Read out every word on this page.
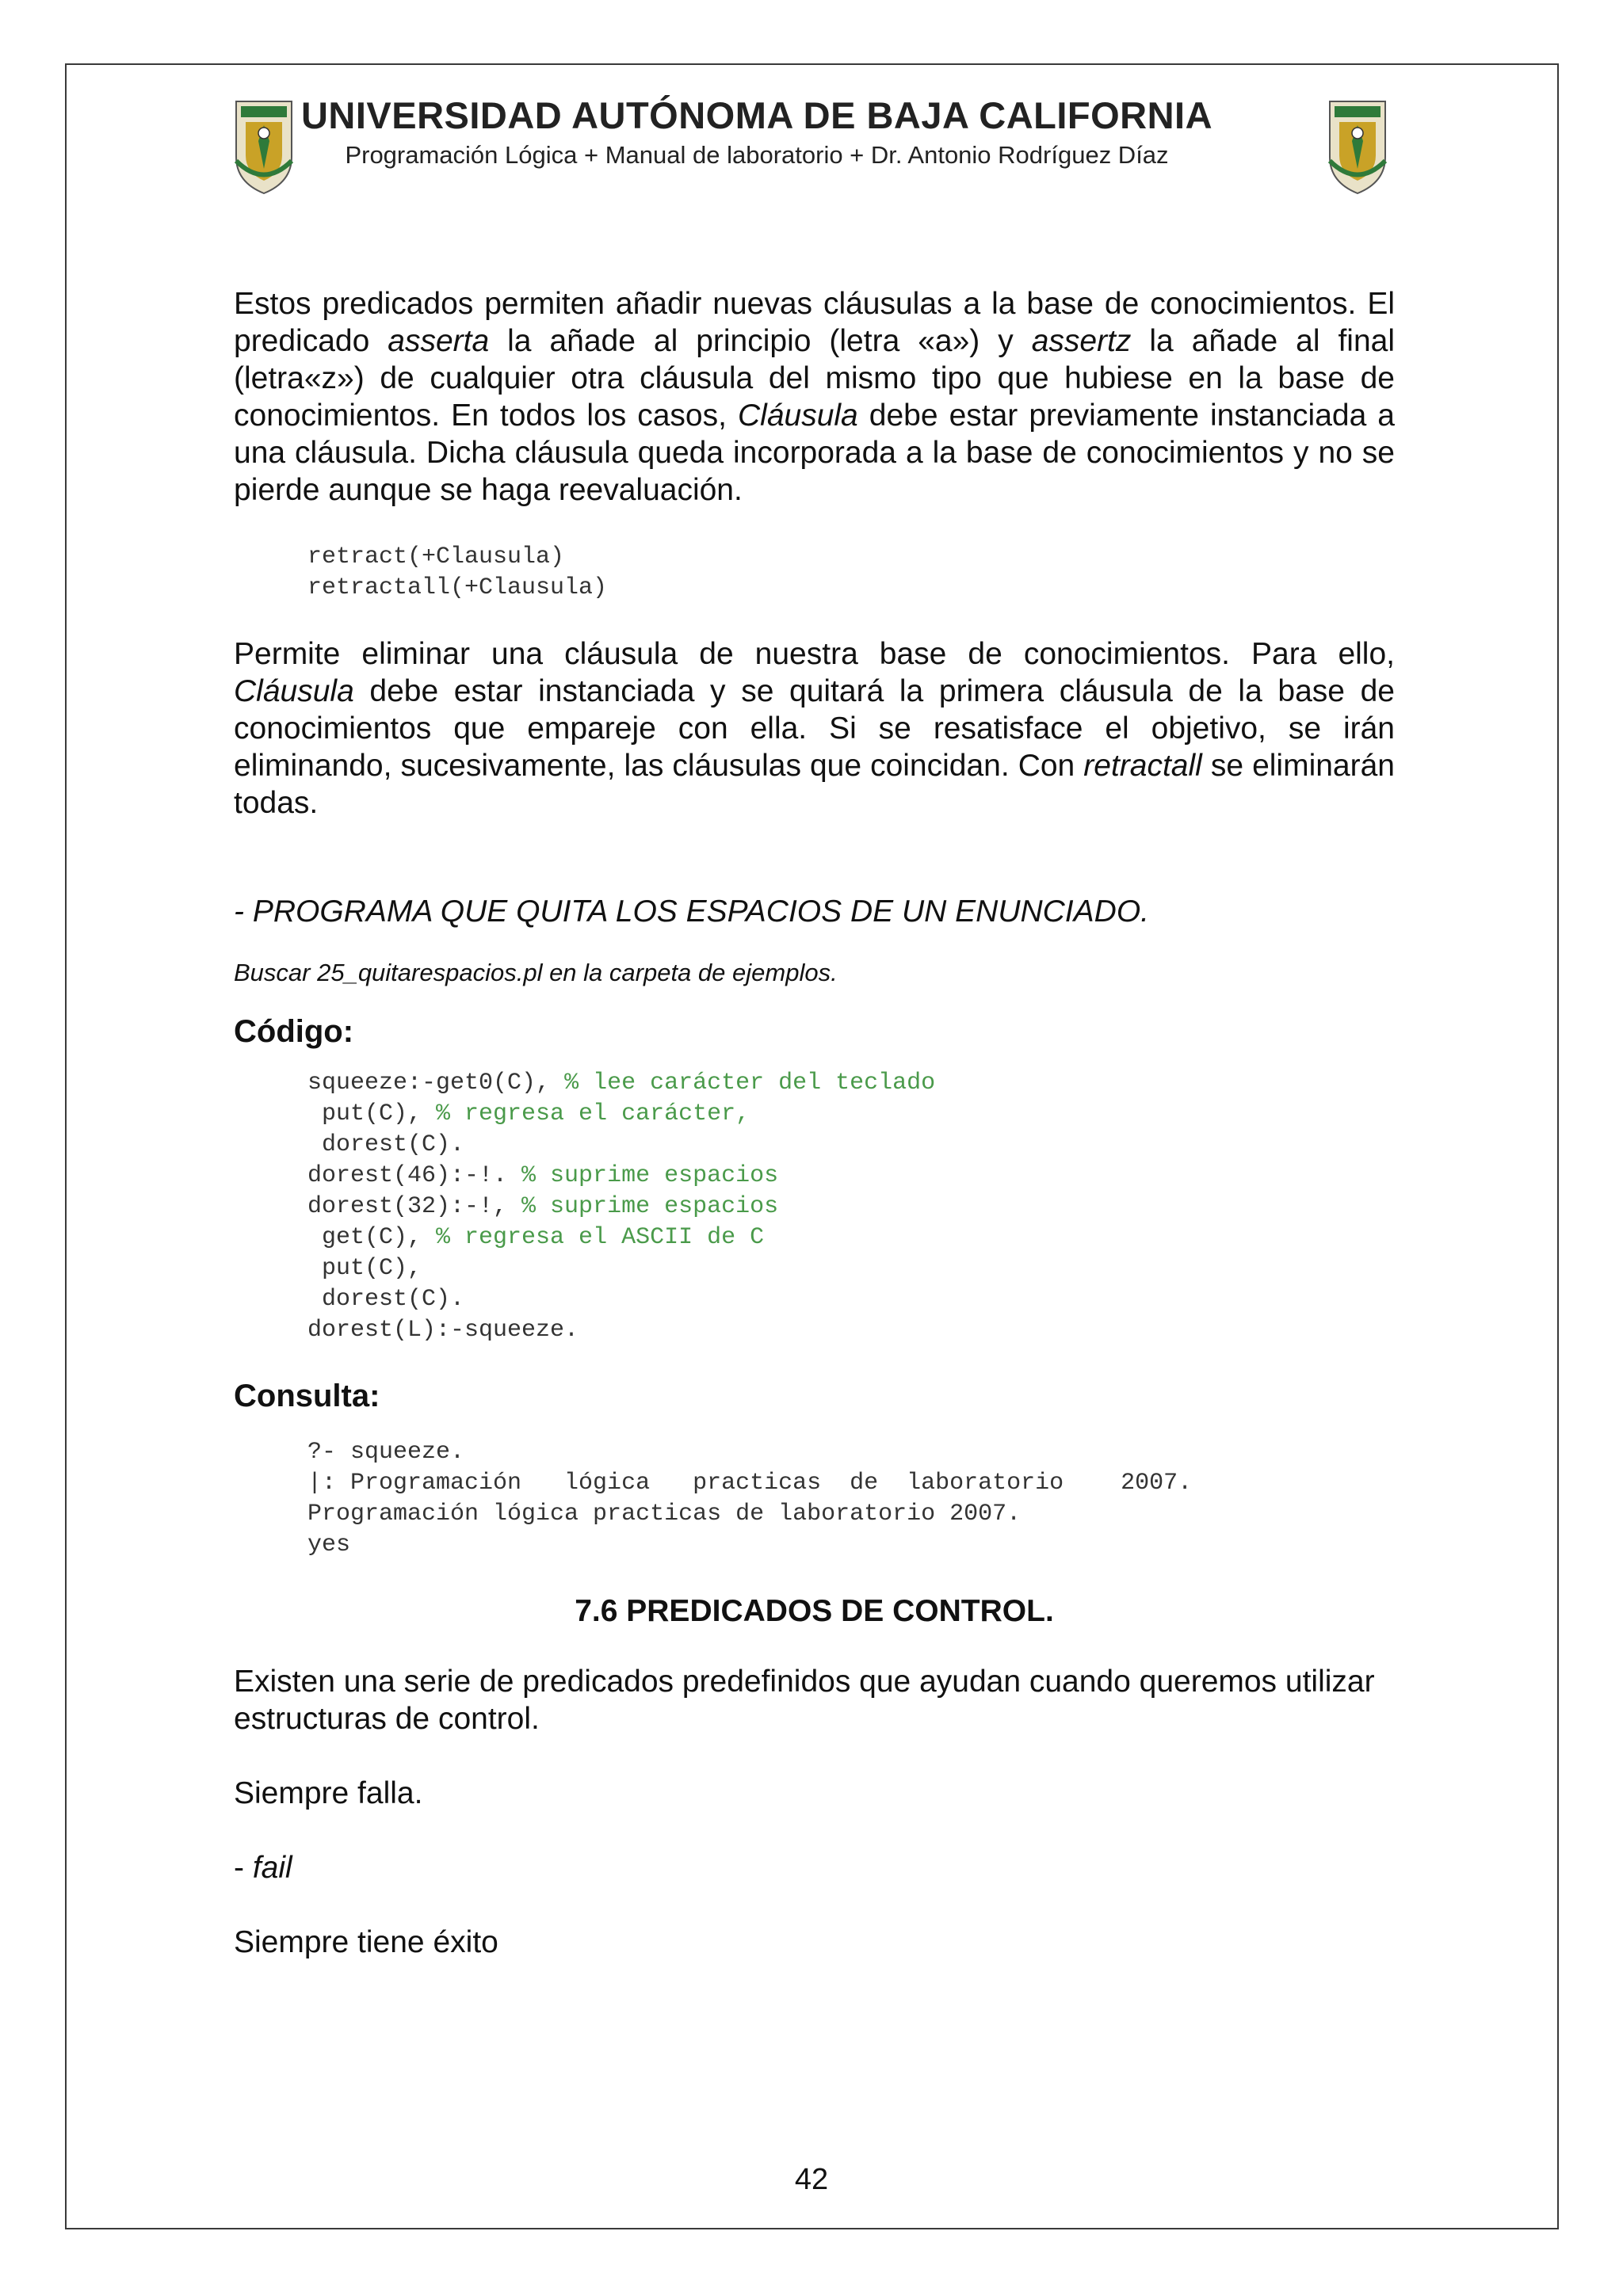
UNIVERSIDAD AUTÓNOMA DE BAJA CALIFORNIA
Programación Lógica + Manual de laboratorio + Dr. Antonio Rodríguez Díaz

Estos predicados permiten añadir nuevas cláusulas a la base de conocimientos. El predicado asserta la añade al principio (letra «a») y assertz la añade al final (letra«z») de cualquier otra cláusula del mismo tipo que hubiese en la base de conocimientos. En todos los casos, Cláusula debe estar previamente instanciada a una cláusula. Dicha cláusula queda incorporada a la base de conocimientos y no se pierde aunque se haga reevaluación.

retract(+Clausula)
retractall(+Clausula)

Permite eliminar una cláusula de nuestra base de conocimientos. Para ello, Cláusula debe estar instanciada y se quitará la primera cláusula de la base de conocimientos que empareje con ella. Si se resatisface el objetivo, se irán eliminando, sucesivamente, las cláusulas que coincidan. Con retractall se eliminarán todas.

- PROGRAMA QUE QUITA LOS ESPACIOS DE UN ENUNCIADO.

Buscar 25_quitarespacios.pl en la carpeta de ejemplos.

Código:

squeeze:-get0(C), % lee carácter del teclado
put(C), % regresa el carácter,
dorest(C).
dorest(46):-!. % suprime espacios
dorest(32):-!, % suprime espacios
get(C), % regresa el ASCII de C
put(C),
dorest(C).
dorest(L):-squeeze.

Consulta:

?- squeeze.
|: Programación   lógica   practicas  de  laboratorio    2007.
Programación lógica practicas de laboratorio 2007.
yes

7.6 PREDICADOS DE CONTROL.

Existen una serie de predicados predefinidos que ayudan cuando queremos utilizar estructuras de control.

Siempre falla.

- fail

Siempre tiene éxito

42
